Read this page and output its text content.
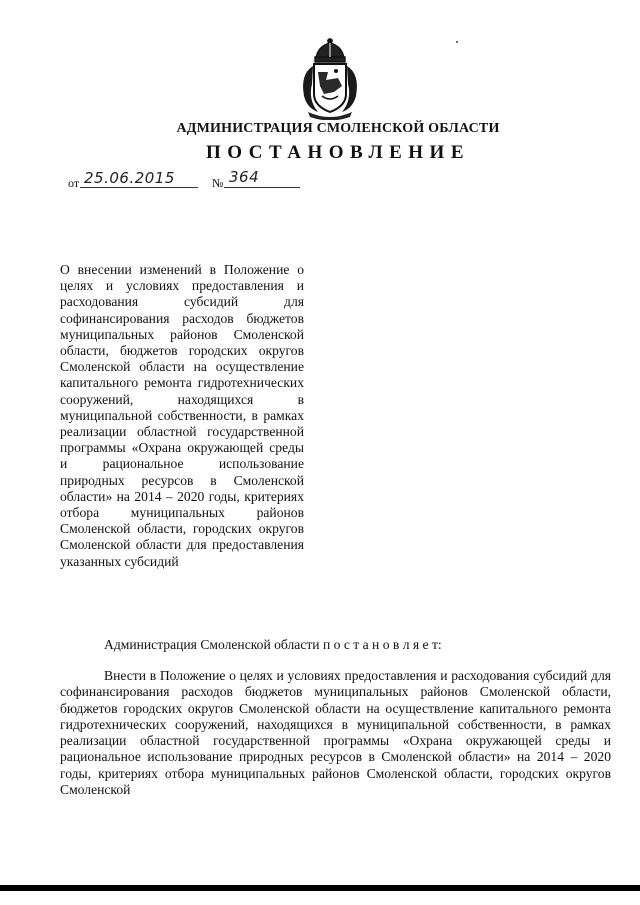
АДМИНИСТРАЦИЯ СМОЛЕНСКОЙ ОБЛАСТИ
ПОСТАНОВЛЕНИЕ
от 25.06.2015	№ 364
О внесении изменений в Положение о целях и условиях предоставления и расходования субсидий для софинансирования расходов бюджетов муниципальных районов Смоленской области, бюджетов городских округов Смоленской области на осуществление капитального ремонта гидротехнических сооружений, находящихся в муниципальной собственности, в рамках реализации областной государственной программы «Охрана окружающей среды и рациональное использование природных ресурсов в Смоленской области» на 2014 – 2020 годы, критериях отбора муниципальных районов Смоленской области, городских округов Смоленской области для предоставления указанных субсидий
Администрация Смоленской области п о с т а н о в л я е т:
Внести в Положение о целях и условиях предоставления и расходования субсидий для софинансирования расходов бюджетов муниципальных районов Смоленской области, бюджетов городских округов Смоленской области на осуществление капитального ремонта гидротехнических сооружений, находящихся в муниципальной собственности, в рамках реализации областной государственной программы «Охрана окружающей среды и рациональное использование природных ресурсов в Смоленской области» на 2014 – 2020 годы, критериях отбора муниципальных районов Смоленской области, городских округов Смоленской
